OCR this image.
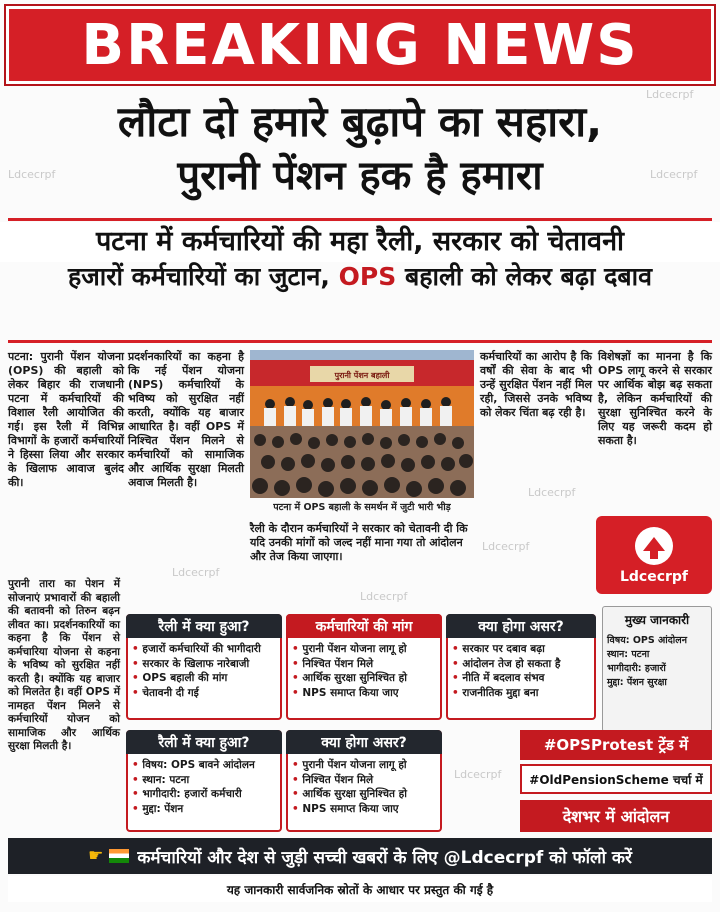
BREAKING NEWS
लौटा दो हमारे बुढ़ापे का सहारा,
पुरानी पेंशन हक है हमारा
पटना में कर्मचारियों की महा रैली, सरकार को चेतावनी
हजारों कर्मचारियों का जुटान, OPS बहाली को लेकर बढ़ा दबाव
Ldcecrpf
Ldcecrpf	Ldcecrpf
Ldcecrpf
Ldcecrpf
Ldcecrpf
Ldcecrpf
Ldcecrpf
पटना: पुरानी पेंशन योजना (OPS) की बहाली को लेकर बिहार की राजधानी पटना में कर्मचारियों की विशाल रैली आयोजित की गई। इस रैली में विभिन्न विभागों के हजारों कर्मचारियों ने हिस्सा लिया और सरकार के खिलाफ आवाज बुलंद की।
प्रदर्शनकारियों का कहना है कि नई पेंशन योजना (NPS) कर्मचारियों के भविष्य को सुरक्षित नहीं करती, क्योंकि यह बाजार आधारित है। वहीं OPS में निश्चित पेंशन मिलने से कर्मचारियों को सामाजिक और आर्थिक सुरक्षा मिलती अवाज मिलती है।
पुरानी पेंशन बहाली
पटना में OPS बहाली के समर्थन में जुटी भारी भीड़
रैली के दौरान कर्मचारियों ने सरकार को चेतावनी दी कि यदि उनकी मांगों को जल्द नहीं माना गया तो आंदोलन और तेज किया जाएगा।
कर्मचारियों का आरोप है कि वर्षों की सेवा के बाद भी उन्हें सुरक्षित पेंशन नहीं मिल रही, जिससे उनके भविष्य को लेकर चिंता बढ़ रही है।
विशेषज्ञों का मानना है कि OPS लागू करने से सरकार पर आर्थिक बोझ बढ़ सकता है, लेकिन कर्मचारियों की सुरक्षा सुनिश्चित करने के लिए यह जरूरी कदम हो सकता है।
Ldcecrpf
पुरानी तारा का पेशन में सोजनाएं प्रभावारों की बहाली की बतावनी को तिरुन बढ़न लीवत का। प्रदर्शनकारियों का कहना है कि पेंशन से कर्मचारिया योजना से कहना के भविष्य को सुरक्षित नहीं करती है। क्योंकि यह बाजार को मिलतेत है। वहीं OPS में नामहत पेंशन मिलने से कर्मचारियों योजन को सामाजिक और आर्थिक सुरक्षा मिलती है।
रैली में क्या हुआ?
• हजारों कर्मचारियों की भागीदारी
• सरकार के खिलाफ नारेबाजी
• OPS बहाली की मांग
• चेतावनी दी गई
कर्मचारियों की मांग
• पुरानी पेंशन योजना लागू हो
• निश्चित पेंशन मिले
• आर्थिक सुरक्षा सुनिश्चित हो
• NPS समाप्त किया जाए
क्या होगा असर?
• सरकार पर दबाव बढ़ा
• आंदोलन तेज हो सकता है
• नीति में बदलाव संभव
• राजनीतिक मुद्दा बना
मुख्य जानकारी
विषय: OPS आंदोलन
स्थान: पटना
भागीदारी: हजारों
मुद्दा: पेंशन सुरक्षा
रैली में क्या हुआ?
• विषय: OPS बावने आंदोलन
• स्थान: पटना
• भागीदारी: हजारों कर्मचारी
• मुद्दा: पेंशन
क्या होगा असर?
• पुरानी पेंशन योजना लागू हो
• निश्चित पेंशन मिले
• आर्थिक सुरक्षा सुनिश्चित हो
• NPS समाप्त किया जाए
#OPSProtest ट्रेंड में
#OldPensionScheme चर्चा में
देशभर में आंदोलन
☛ कर्मचारियों और देश से जुड़ी सच्ची खबरों के लिए @Ldcecrpf को फॉलो करें
यह जानकारी सार्वजनिक स्रोतों के आधार पर प्रस्तुत की गई है
